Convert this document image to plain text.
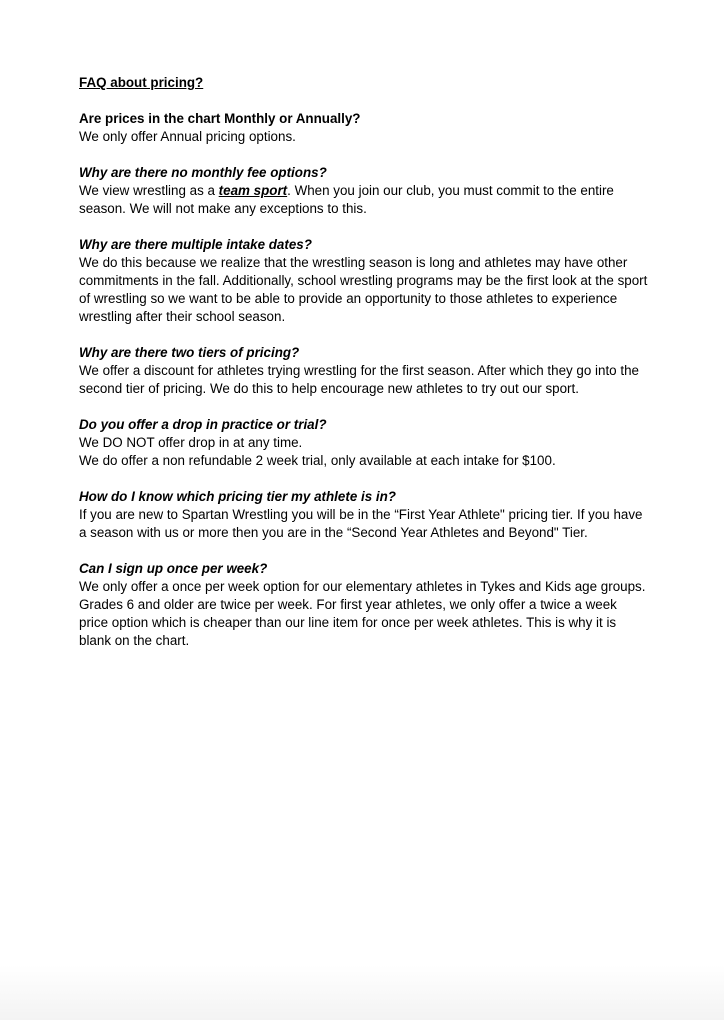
FAQ about pricing?

Are prices in the chart Monthly or Annually?

We only offer Annual pricing options.

Why are there no monthly fee options?

We view wrestling as a team sport. When you join our club, you must commit to the entire season. We will not make any exceptions to this.

Why are there multiple intake dates?

We do this because we realize that the wrestling season is long and athletes may have other commitments in the fall. Additionally, school wrestling programs may be the first look at the sport of wrestling so we want to be able to provide an opportunity to those athletes to experience wrestling after their school season.

Why are there two tiers of pricing?

We offer a discount for athletes trying wrestling for the first season. After which they go into the second tier of pricing. We do this to help encourage new athletes to try out our sport.

Do you offer a drop in practice or trial?

We DO NOT offer drop in at any time.

We do offer a non refundable 2 week trial, only available at each intake for $100.

How do I know which pricing tier my athlete is in?

If you are new to Spartan Wrestling you will be in the “First Year Athlete" pricing tier. If you have a season with us or more then you are in the “Second Year Athletes and Beyond" Tier.

Can I sign up once per week?

We only offer a once per week option for our elementary athletes in Tykes and Kids age groups. Grades 6 and older are twice per week. For first year athletes, we only offer a twice a week price option which is cheaper than our line item for once per week athletes. This is why it is blank on the chart.
